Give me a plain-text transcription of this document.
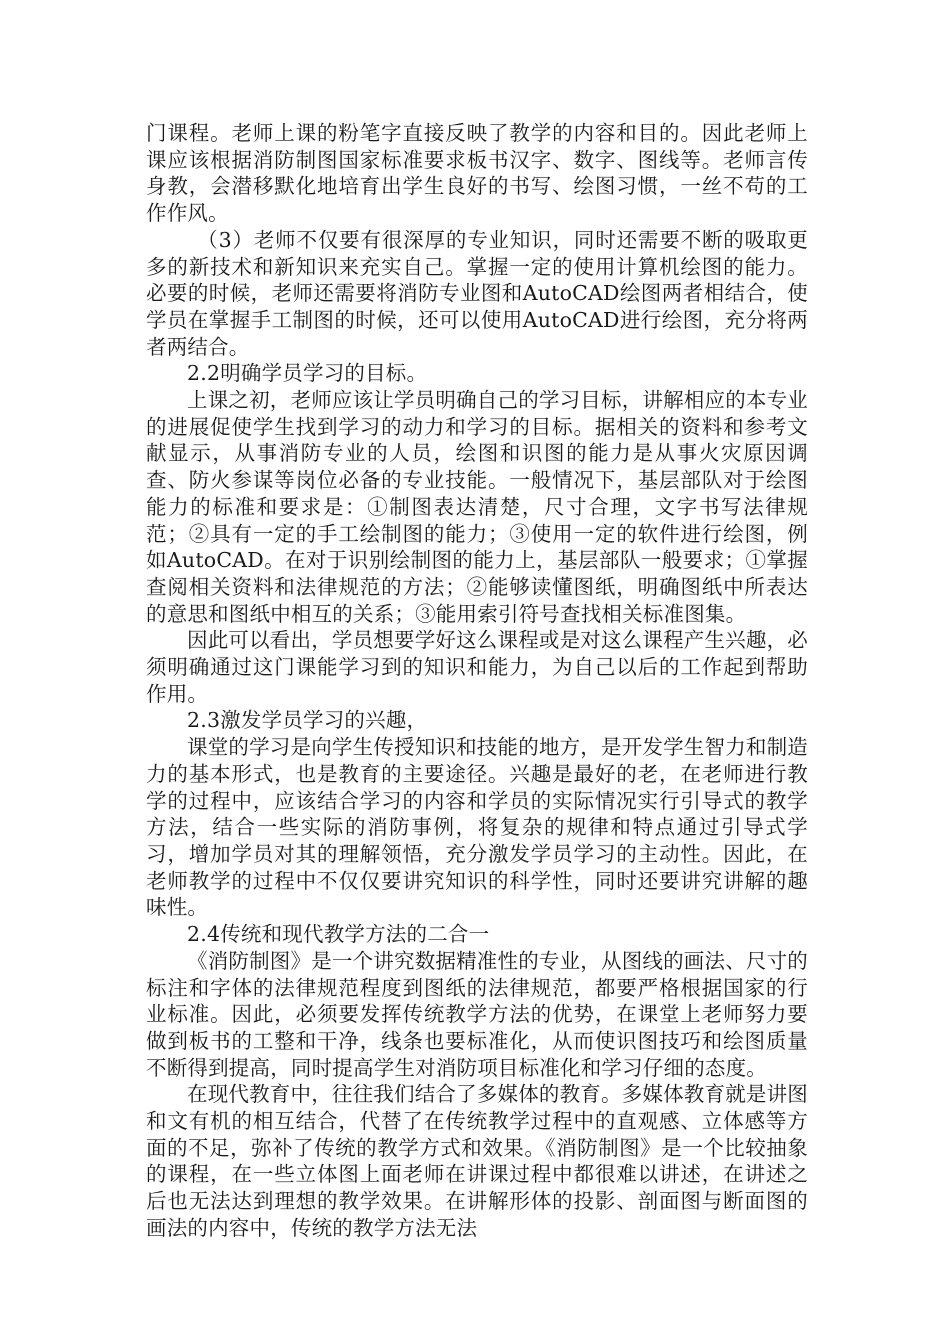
门课程。老师上课的粉笔字直接反映了教学的内容和目的。因此老师上课应该根据消防制图国家标准要求板书汉字、数字、图线等。老师言传身教，会潜移默化地培育出学生良好的书写、绘图习惯，一丝不苟的工作作风。

（3）老师不仅要有很深厚的专业知识，同时还需要不断的吸取更多的新技术和新知识来充实自己。掌握一定的使用计算机绘图的能力。必要的时候，老师还需要将消防专业图和AutoCAD绘图两者相结合，使学员在掌握手工制图的时候，还可以使用AutoCAD进行绘图，充分将两者两结合。

2.2明确学员学习的目标。

上课之初，老师应该让学员明确自己的学习目标，讲解相应的本专业的进展促使学生找到学习的动力和学习的目标。据相关的资料和参考文献显示，从事消防专业的人员，绘图和识图的能力是从事火灾原因调查、防火参谋等岗位必备的专业技能。一般情况下，基层部队对于绘图能力的标准和要求是：①制图表达清楚，尺寸合理，文字书写法律规范；②具有一定的手工绘制图的能力；③使用一定的软件进行绘图，例如AutoCAD。在对于识别绘制图的能力上，基层部队一般要求；①掌握查阅相关资料和法律规范的方法；②能够读懂图纸，明确图纸中所表达的意思和图纸中相互的关系；③能用索引符号查找相关标准图集。

因此可以看出，学员想要学好这么课程或是对这么课程产生兴趣，必须明确通过这门课能学习到的知识和能力，为自己以后的工作起到帮助作用。

2.3激发学员学习的兴趣，

课堂的学习是向学生传授知识和技能的地方，是开发学生智力和制造力的基本形式，也是教育的主要途径。兴趣是最好的老，在老师进行教学的过程中，应该结合学习的内容和学员的实际情况实行引导式的教学方法，结合一些实际的消防事例，将复杂的规律和特点通过引导式学习，增加学员对其的理解领悟，充分激发学员学习的主动性。因此，在老师教学的过程中不仅仅要讲究知识的科学性，同时还要讲究讲解的趣味性。

2.4传统和现代教学方法的二合一

《消防制图》是一个讲究数据精准性的专业，从图线的画法、尺寸的标注和字体的法律规范程度到图纸的法律规范，都要严格根据国家的行业标准。因此，必须要发挥传统教学方法的优势，在课堂上老师努力要做到板书的工整和干净，线条也要标准化，从而使识图技巧和绘图质量不断得到提高，同时提高学生对消防项目标准化和学习仔细的态度。

在现代教育中，往往我们结合了多媒体的教育。多媒体教育就是讲图和文有机的相互结合，代替了在传统教学过程中的直观感、立体感等方面的不足，弥补了传统的教学方式和效果。《消防制图》是一个比较抽象的课程，在一些立体图上面老师在讲课过程中都很难以讲述，在讲述之后也无法达到理想的教学效果。在讲解形体的投影、剖面图与断面图的画法的内容中，传统的教学方法无法
